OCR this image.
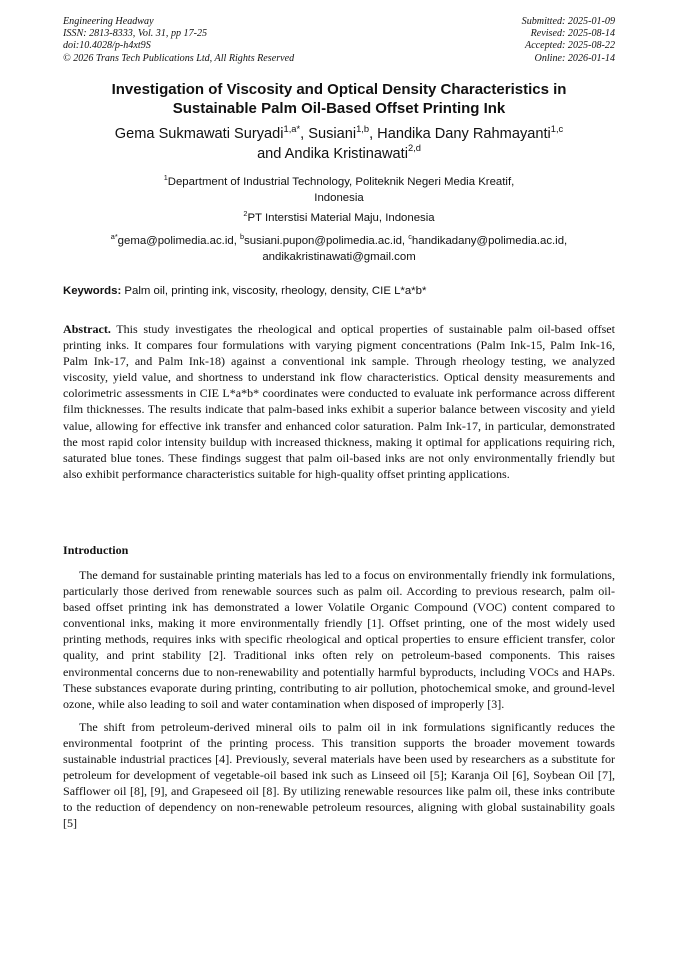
Engineering Headway
ISSN: 2813-8333, Vol. 31, pp 17-25
doi:10.4028/p-h4xt9S
© 2026 Trans Tech Publications Ltd, All Rights Reserved
Submitted: 2025-01-09
Revised: 2025-08-14
Accepted: 2025-08-22
Online: 2026-01-14
Investigation of Viscosity and Optical Density Characteristics in
Sustainable Palm Oil-Based Offset Printing Ink
Gema Sukmawati Suryadi$^{1,a*}$, Susiani$^{1,b}$, Handika Dany Rahmayanti$^{1,c}$
and Andika Kristinawati$^{2,d}$
$^1$Department of Industrial Technology, Politeknik Negeri Media Kreatif,
Indonesia
$^2$PT Interstisi Material Maju, Indonesia
$^{a*}$gema@polimedia.ac.id, $^b$susiani.pupon@polimedia.ac.id, $^c$handikadany@polimedia.ac.id,
andikakristinawati@gmail.com
Keywords: Palm oil, printing ink, viscosity, rheology, density, CIE L*a*b*

Abstract. This study investigates the rheological and optical properties of sustainable palm oil-based offset printing inks. It compares four formulations with varying pigment concentrations (Palm Ink-15, Palm Ink-16, Palm Ink-17, and Palm Ink-18) against a conventional ink sample. Through rheology testing, we analyzed viscosity, yield value, and shortness to understand ink flow characteristics. Optical density measurements and colorimetric assessments in CIE L*a*b* coordinates were conducted to evaluate ink performance across different film thicknesses. The results indicate that palm-based inks exhibit a superior balance between viscosity and yield value, allowing for effective ink transfer and enhanced color saturation. Palm Ink-17, in particular, demonstrated the most rapid color intensity buildup with increased thickness, making it optimal for applications requiring rich, saturated blue tones. These findings suggest that palm oil-based inks are not only environmentally friendly but also exhibit performance characteristics suitable for high-quality offset printing applications.

Introduction

The demand for sustainable printing materials has led to a focus on environmentally friendly ink formulations, particularly those derived from renewable sources such as palm oil. According to previous research, palm oil-based offset printing ink has demonstrated a lower Volatile Organic Compound (VOC) content compared to conventional inks, making it more environmentally friendly [1]. Offset printing, one of the most widely used printing methods, requires inks with specific rheological and optical properties to ensure efficient transfer, color quality, and print stability [2]. Traditional inks often rely on petroleum-based components. This raises environmental concerns due to non-renewability and potentially harmful byproducts, including VOCs and HAPs. These substances evaporate during printing, contributing to air pollution, photochemical smoke, and ground-level ozone, while also leading to soil and water contamination when disposed of improperly [3].

The shift from petroleum-derived mineral oils to palm oil in ink formulations significantly reduces the environmental footprint of the printing process. This transition supports the broader movement towards sustainable industrial practices [4]. Previously, several materials have been used by researchers as a substitute for petroleum for development of vegetable-oil based ink such as Linseed oil [5]; Karanja Oil [6], Soybean Oil [7], Safflower oil [8], [9], and Grapeseed oil [8]. By utilizing renewable resources like palm oil, these inks contribute to the reduction of dependency on non-renewable petroleum resources, aligning with global sustainability goals [5]
